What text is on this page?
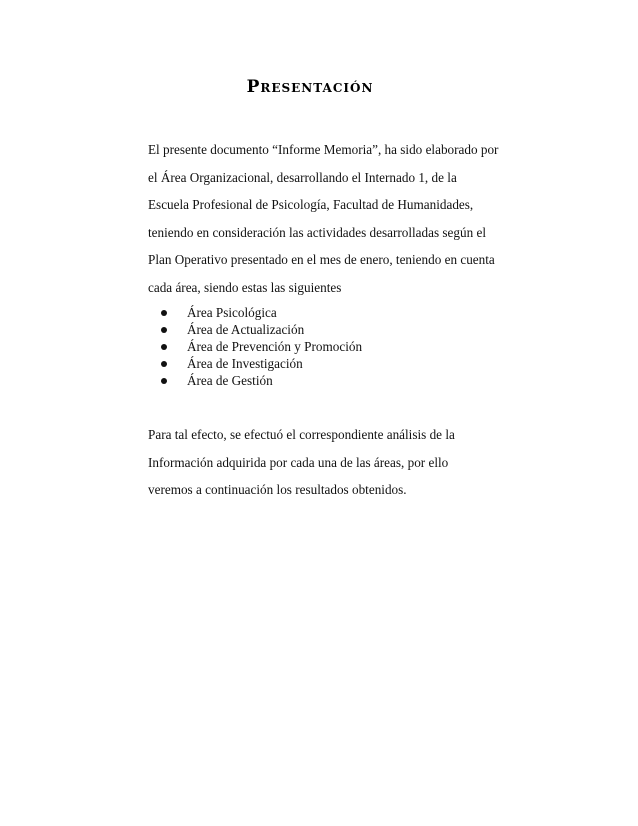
Presentación
El presente documento “Informe Memoria”, ha sido elaborado por
el Área Organizacional, desarrollando el Internado 1, de la
Escuela Profesional de Psicología, Facultad de Humanidades,
teniendo en consideración las actividades desarrolladas según el
Plan Operativo presentado en el mes de enero, teniendo en cuenta
cada área, siendo estas las siguientes
Área Psicológica
Área de Actualización
Área de Prevención y Promoción
Área de Investigación
Área de Gestión
Para tal efecto, se efectuó el correspondiente análisis de la
Información adquirida por cada una de las áreas, por ello
veremos a continuación los resultados obtenidos.
